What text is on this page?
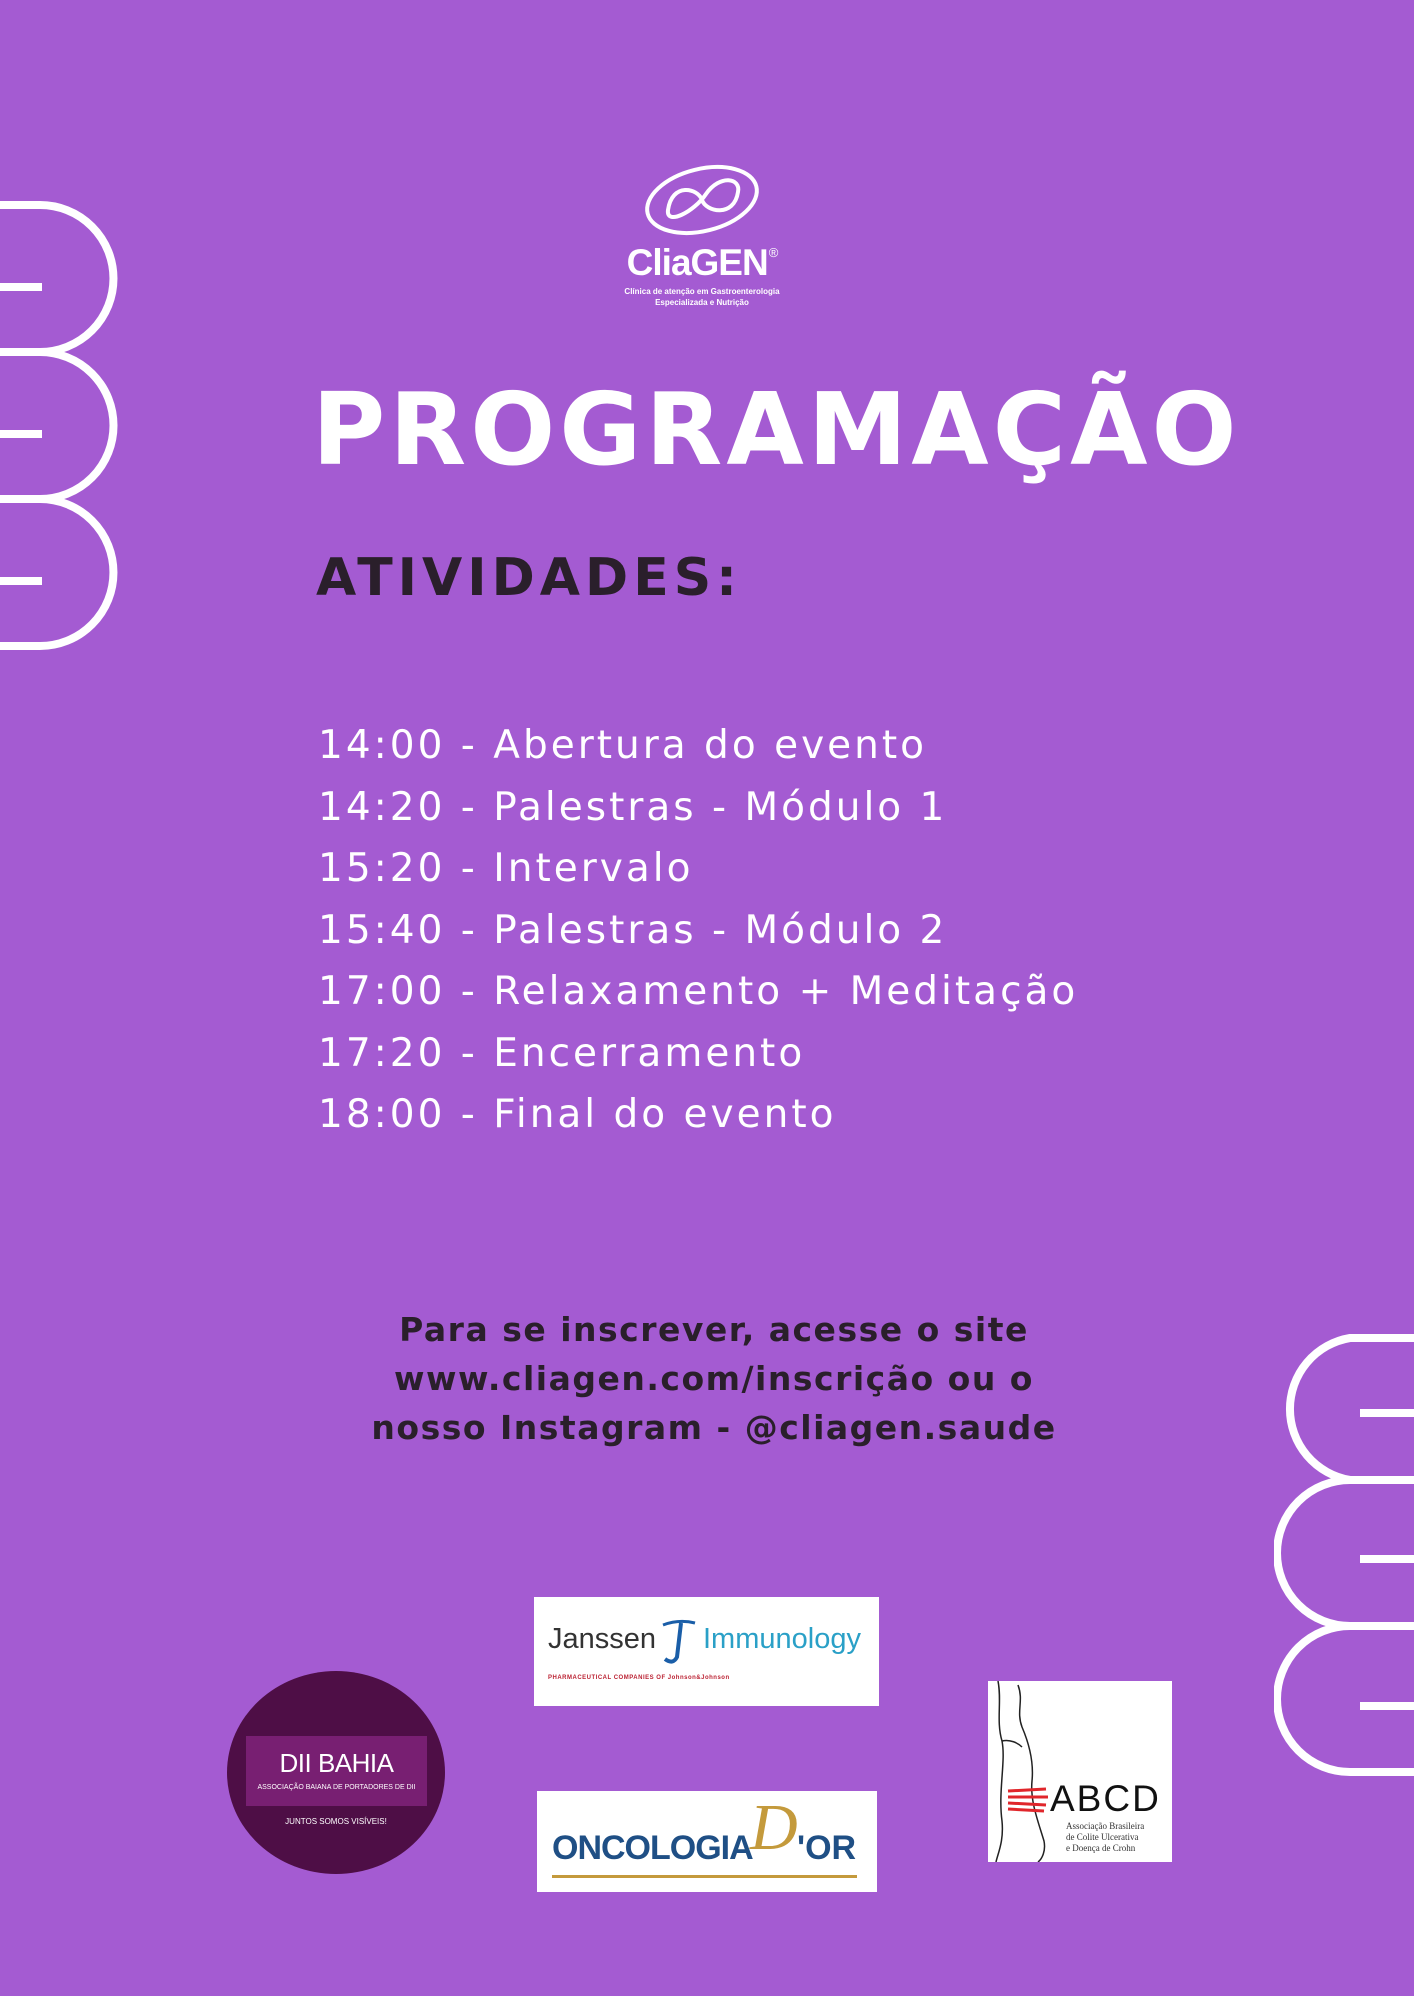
CliaGEN®
Clínica de atenção em Gastroenterologia
Especializada e Nutrição
PROGRAMAÇÃO
ATIVIDADES:
14:00 - Abertura do evento
14:20 - Palestras - Módulo 1
15:20 - Intervalo
15:40 - Palestras - Módulo 2
17:00 - Relaxamento + Meditação
17:20 - Encerramento
18:00 - Final do evento

Para se inscrever, acesse o site
www.cliagen.com/inscrição ou o
nosso Instagram - @cliagen.saude

Janssen Immunology
PHARMACEUTICAL COMPANIES OF Johnson&Johnson
ONCOLOGIA
D 'OR
ABCD
Associação Brasileira
de Colite Ulcerativa
e Doença de Crohn
DII BAHIA
ASSOCIAÇÃO BAIANA DE PORTADORES DE DII
JUNTOS SOMOS VISÍVEIS!
